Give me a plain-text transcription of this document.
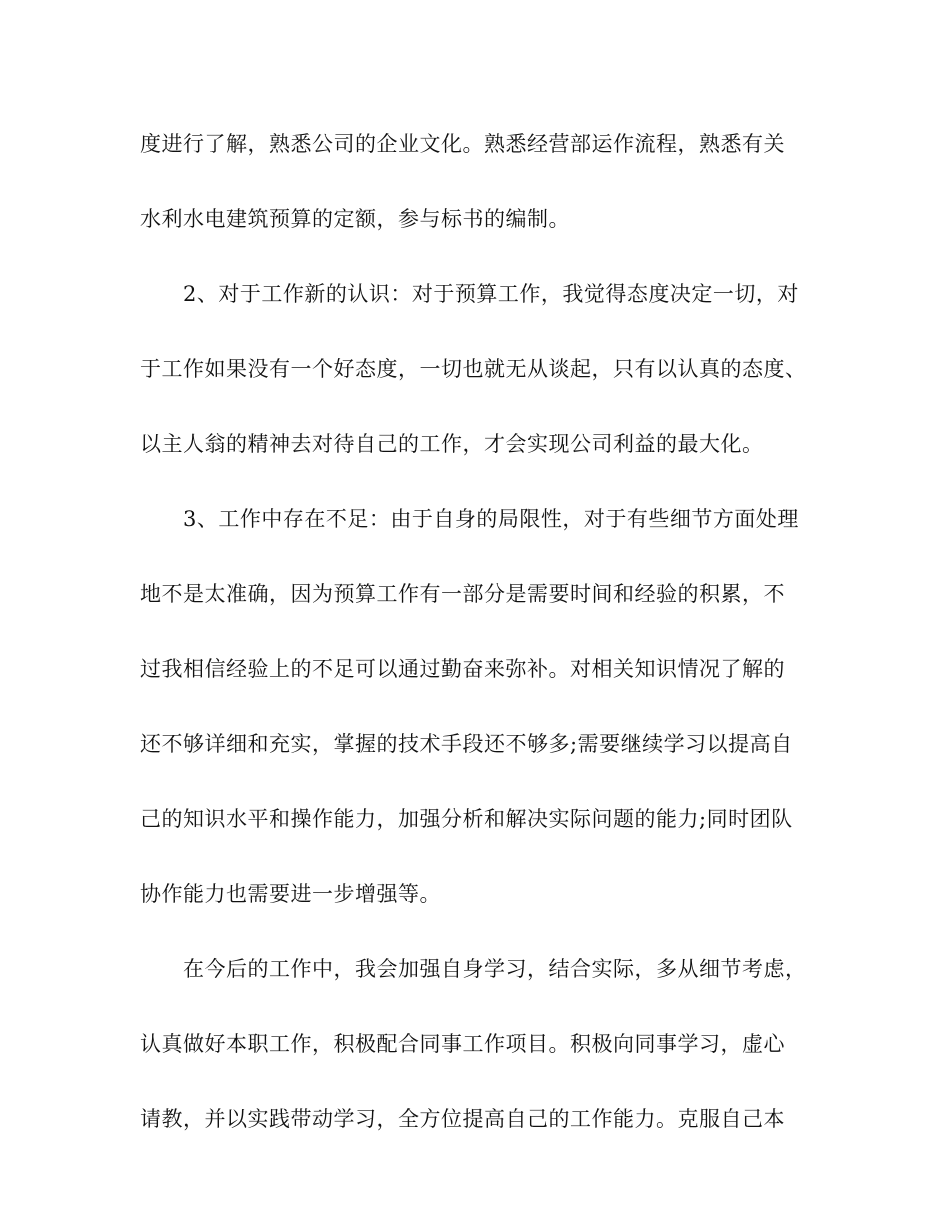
度进行了解，熟悉公司的企业文化。熟悉经营部运作流程，熟悉有关
水利水电建筑预算的定额，参与标书的编制。
2、对于工作新的认识：对于预算工作，我觉得态度决定一切，对
于工作如果没有一个好态度，一切也就无从谈起，只有以认真的态度、
以主人翁的精神去对待自己的工作，才会实现公司利益的最大化。
3、工作中存在不足：由于自身的局限性，对于有些细节方面处理
地不是太准确，因为预算工作有一部分是需要时间和经验的积累，不
过我相信经验上的不足可以通过勤奋来弥补。对相关知识情况了解的
还不够详细和充实，掌握的技术手段还不够多;需要继续学习以提高自
己的知识水平和操作能力，加强分析和解决实际问题的能力;同时团队
协作能力也需要进一步增强等。
在今后的工作中，我会加强自身学习，结合实际，多从细节考虑，
认真做好本职工作，积极配合同事工作项目。积极向同事学习，虚心
请教，并以实践带动学习，全方位提高自己的工作能力。克服自己本
